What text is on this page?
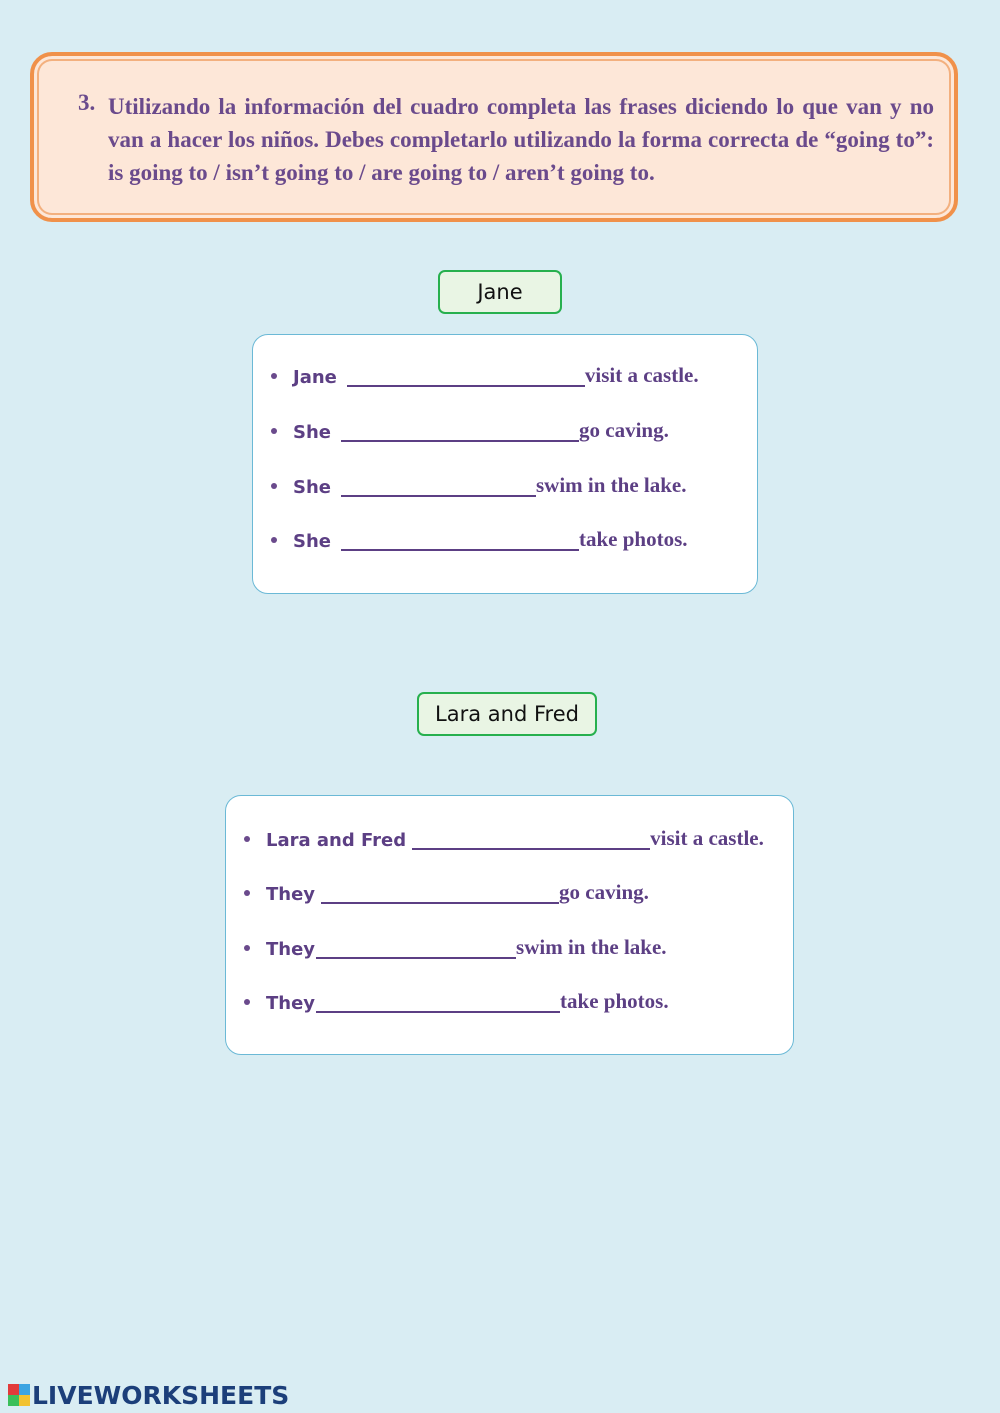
3. Utilizando la información del cuadro completa las frases diciendo lo que van y no van a hacer los niños. Debes completarlo utilizando la forma correcta de “going to”: is going to / isn’t going to / are going to / aren’t going to.
Jane
Jane	visit a castle.
She	go caving.
She	swim in the lake.
She	take photos.
Lara and Fred
Lara and Fred	visit a castle.
They	go caving.
They	swim in the lake.
They	take photos.
LIVEWORKSHEETS
